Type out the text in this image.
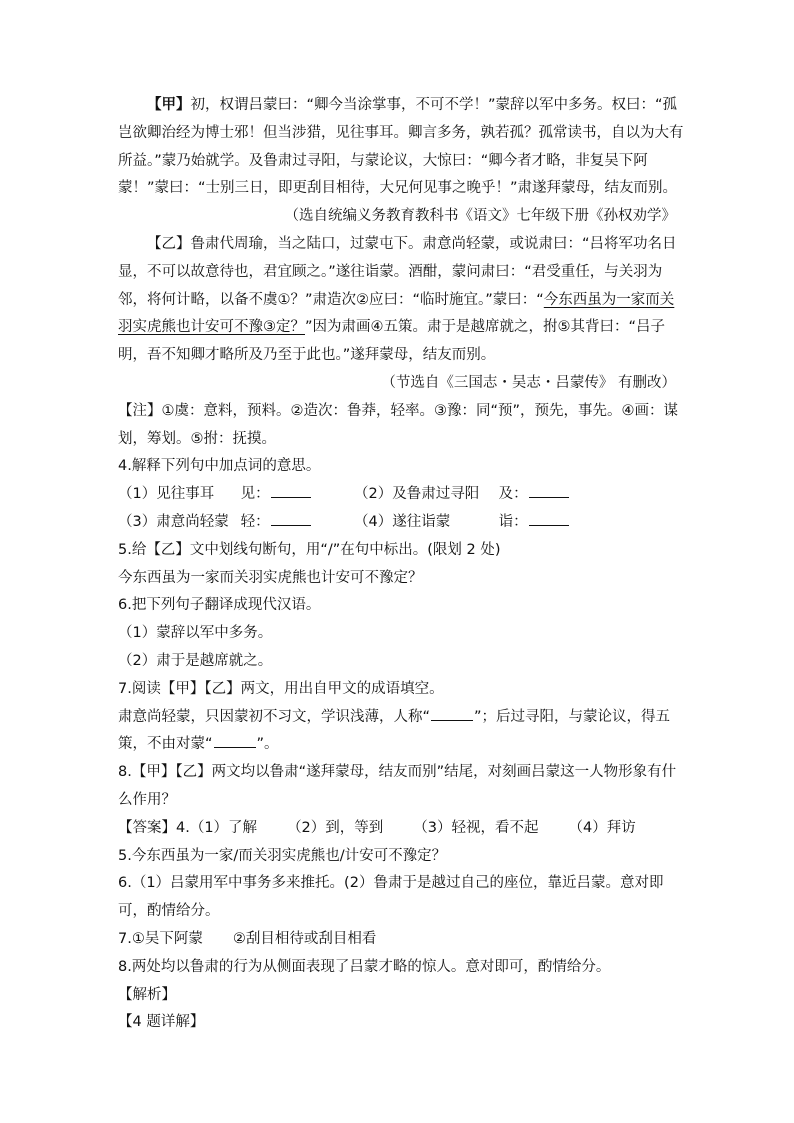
【甲】初，权谓吕蒙曰：“卿今当涂掌事，不可不学！”蒙辞以军中多务。权曰：“孤岂欲卿治经为博士邪！但当涉猎，见往事耳。卿言多务，孰若孤？孤常读书，自以为大有所益。”蒙乃始就学。及鲁肃过寻阳，与蒙论议，大惊曰：“卿今者才略，非复吴下阿蒙！”蒙曰：“士别三日，即更刮目相待，大兄何见事之晚乎！”肃遂拜蒙母，结友而别。

（选自统编义务教育教科书《语文》七年级下册《孙权劝学》

【乙】鲁肃代周瑜，当之陆口，过蒙屯下。肃意尚轻蒙，或说肃曰：“吕将军功名日显，不可以故意待也，君宜顾之。”遂往诣蒙。酒酣，蒙问肃曰：“君受重任，与关羽为邻，将何计略，以备不虞①？”肃造次②应曰：“临时施宜。”蒙曰：“今东西虽为一家而关羽实虎熊也计安可不豫③定？”因为肃画④五策。肃于是越席就之，拊⑤其背曰：“吕子明，吾不知卿才略所及乃至于此也。”遂拜蒙母，结友而别。

（节选自《三国志・吴志・吕蒙传》 有删改）

【注】①虞：意料，预料。②造次：鲁莽，轻率。③豫：同“预”，预先，事先。④画：谋划，筹划。⑤拊：抚摸。

4.解释下列句中加点词的意思。

（1）见往事耳 见：	（2）及鲁肃过寻阳 及：
（3）肃意尚轻蒙 轻：	（4）遂往诣蒙	诣：

5.给【乙】文中划线句断句，用“/”在句中标出。(限划 2 处)

今东西虽为一家而关羽实虎熊也计安可不豫定？

6.把下列句子翻译成现代汉语。

（1）蒙辞以军中多务。

（2）肃于是越席就之。

7.阅读【甲】【乙】两文，用出自甲文的成语填空。

肃意尚轻蒙，只因蒙初不习文，学识浅薄，人称“	”；后过寻阳，与蒙论议，得五策，不由对蒙“	”。

8.【甲】【乙】两文均以鲁肃“遂拜蒙母，结友而别”结尾，对刻画吕蒙这一人物形象有什么作用？

【答案】4.（1）了解 （2）到，等到 （3）轻视，看不起 （4）拜访

5.今东西虽为一家/而关羽实虎熊也/计安可不豫定？

6.（1）吕蒙用军中事务多来推托。(2）鲁肃于是越过自己的座位，靠近吕蒙。意对即可，酌情给分。

7.①吴下阿蒙 ②刮目相待或刮目相看

8.两处均以鲁肃的行为从侧面表现了吕蒙才略的惊人。意对即可，酌情给分。

【解析】

【4 题详解】
